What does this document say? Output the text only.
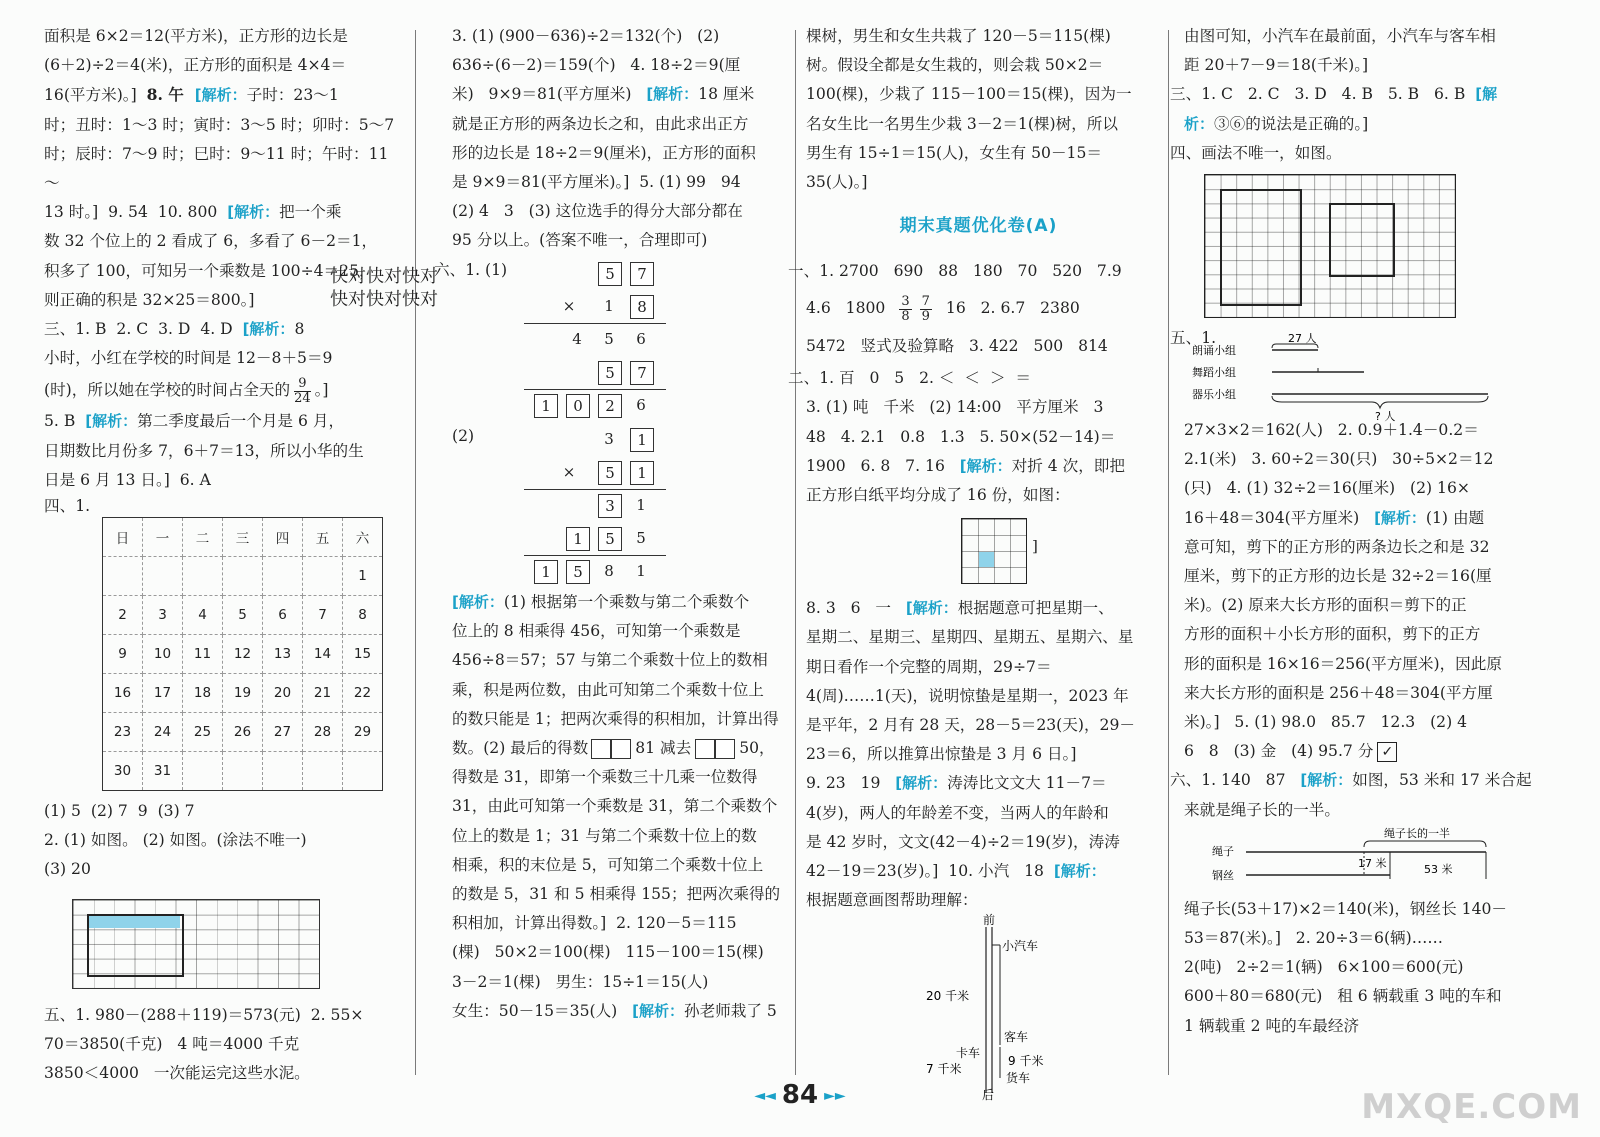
面积是 6×2＝12(平方米)，正方形的边长是

(6＋2)÷2＝4(米)，正方形的面积是 4×4＝

16(平方米)。]  8. 午  [解析：子时：23～1

时；丑时：1～3 时；寅时：3～5 时；卯时：5～7

时；辰时：7～9 时；巳时：9～11 时；午时：11～

13 时。]  9. 54  10. 800  [解析：把一个乘

数 32 个位上的 2 看成了 6，多看了 6－2＝1，

积多了 100，可知另一个乘数是 100÷4＝25，

则正确的积是 32×25＝800。]

三、1. B  2. C  3. D  4. D  [解析：8

小时，小红在学校的时间是 12－8＋5＝9

(时)，所以她在学校的时间占全天的 $\frac{9}{24}$ 。]

5. B  [解析：第二季度最后一个月是 6 月，

日期数比月份多 7，6＋7＝13，所以小华的生

日是 6 月 13 日。]  6. A

四、1.

日	一	二	三	四	五	六
						1
2	3	4	5	6	7	8
9	10	11	12	13	14	15
16	17	18	19	20	21	22
23	24	25	26	27	28	29
30	31					

(1) 5  (2) 7  9  (3) 7

2. (1) 如图。 (2) 如图。(涂法不唯一)

(3) 20

五、1. 980－(288＋119)＝573(元)  2. 55×

70＝3850(千克)   4 吨＝4000 千克

3850＜4000   一次能运完这些水泥。

快对快对快对
快对快对快对

3. (1) (900－636)÷2＝132(个)   (2)

636÷(6－2)＝159(个)   4. 18÷2＝9(厘

米)   9×9＝81(平方厘米)   [解析：18 厘米

就是正方形的两条边长之和，由此求出正方

形的边长是 18÷2＝9(厘米)，正方形的面积

是 9×9＝81(平方厘米)。]  5. (1) 99   94

(2) 4   3   (3) 这位选手的得分大部分都在

95 分以上。(答案不唯一，合理即可)

六、1. (1)	5	7
1	8
×
4	5	6
5	7
1	0	2	6

(2)	3	1
5	1
×
3	1
1	5	5
1	5	8	1

[解析：(1) 根据第一个乘数与第二个乘数个

位上的 8 相乘得 456，可知第一个乘数是

456÷8＝57；57 与第二个乘数十位上的数相

乘，积是两位数，由此可知第二个乘数十位上

的数只能是 1；把两次乘得的积相加，计算出得

数。(2) 最后的得数	81 减去	50，

得数是 31，即第一个乘数三十几乘一位数得

31，由此可知第一个乘数是 31，第二个乘数个

位上的数是 1；31 与第二个乘数十位上的数

相乘，积的末位是 5，可知第二个乘数十位上

的数是 5，31 和 5 相乘得 155；把两次乘得的

积相加，计算出得数。]  2. 120－5＝115

(棵)   50×2＝100(棵)   115－100＝15(棵)

3－2＝1(棵)   男生：15÷1＝15(人)

女生：50－15＝35(人)   [解析：孙老师栽了 5

棵树，男生和女生共栽了 120－5＝115(棵)

树。假设全都是女生栽的，则会栽 50×2＝

100(棵)，少栽了 115－100＝15(棵)，因为一

名女生比一名男生少栽 3－2＝1(棵)树，所以

男生有 15÷1＝15(人)，女生有 50－15＝

35(人)。]

期末真题优化卷(A)

一、1. 2700   690   88   180   70   520   7.9

4.6   $1800 \frac{3}{8} \frac{7}{9} 16$   2. 6.7   2380

5472   竖式及验算略   3. 422   500   814

二、1. 百   0   5   2. ＜  ＜  ＞  ＝

3. (1) 吨   千米   (2) 14:00   平方厘米   3

48   4. 2.1   0.8   1.3   5. 50×(52－14)＝

1900   6. 8   7. 16   [解析：对折 4 次，即把

正方形白纸平均分成了 16 份，如图：

]

8. 3   6   一   [解析：根据题意可把星期一、

星期二、星期三、星期四、星期五、星期六、星

期日看作一个完整的周期，29÷7＝

4(周)……1(天)，说明惊蛰是星期一，2023 年

是平年，2 月有 28 天，28－5＝23(天)，29－

23＝6，所以推算出惊蛰是 3 月 6 日。]

9. 23   19   [解析：涛涛比文文大 11－7＝

4(岁)，两人的年龄差不变，当两人的年龄和

是 42 岁时，文文(42－4)÷2＝19(岁)，涛涛

42－19＝23(岁)。]  10. 小汽   18  [解析：

根据题意画图帮助理解：

前
小汽车
20 千米
客车
卡车
9 千米
7 千米
货车
后

由图可知，小汽车在最前面，小汽车与客车相

距 20＋7－9＝18(千米)。]

三、1. C   2. C   3. D   4. B   5. B   6. B  [解

析：③⑥的说法是正确的。]

四、画法不唯一，如图。

五、1.

朗诵小组
舞蹈小组
器乐小组
27 人
? 人

27×3×2＝162(人)   2. 0.9＋1.4－0.2＝

2.1(米)   3. 60÷2＝30(只)   30÷5×2＝12

(只)   4. (1) 32÷2＝16(厘米)   (2) 16×

16＋48＝304(平方厘米)   [解析：(1) 由题

意可知，剪下的正方形的两条边长之和是 32

厘米，剪下的正方形的边长是 32÷2＝16(厘

米)。(2) 原来大长方形的面积＝剪下的正

方形的面积＋小长方形的面积，剪下的正方

形的面积是 16×16＝256(平方厘米)，因此原

来大长方形的面积是 256＋48＝304(平方厘

米)。]   5. (1) 98.0   85.7   12.3   (2) 4

6   8   (3) 金   (4) 95.7 分 ✓

六、1. 140   87   [解析：如图，53 米和 17 米合起

来就是绳子长的一半。

绳子长的一半
绳子
钢丝
17 米	53 米

绳子长(53＋17)×2＝140(米)，钢丝长 140－

53＝87(米)。]   2. 20÷3＝6(辆)……

2(吨)   2÷2＝1(辆)   6×100＝600(元)

600＋80＝680(元)   租 6 辆载重 3 吨的车和

1 辆载重 2 吨的车最经济

◄◄ 84 ►►	MXQE.COM
